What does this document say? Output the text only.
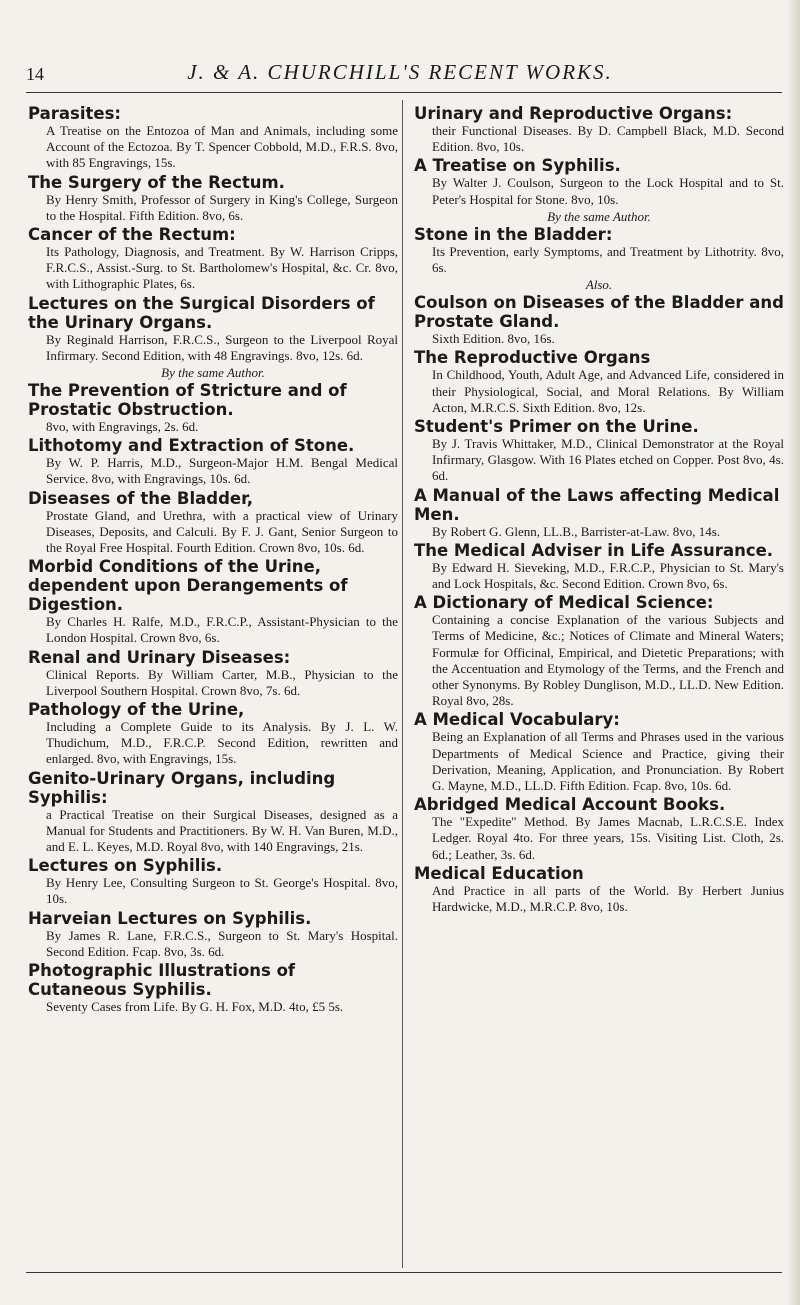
14	J. & A. CHURCHILL'S RECENT WORKS.
Parasites:
A Treatise on the Entozoa of Man and Animals, including some Account of the Ectozoa. By T. Spencer Cobbold, M.D., F.R.S. 8vo, with 85 Engravings, 15s.
The Surgery of the Rectum.
By Henry Smith, Professor of Surgery in King's College, Surgeon to the Hospital. Fifth Edition. 8vo, 6s.
Cancer of the Rectum:
Its Pathology, Diagnosis, and Treatment. By W. Harrison Cripps, F.R.C.S., Assist.-Surg. to St. Bartholomew's Hospital, &c. Cr. 8vo, with Lithographic Plates, 6s.
Lectures on the Surgical Disorders of the Urinary Organs.
By Reginald Harrison, F.R.C.S., Surgeon to the Liverpool Royal Infirmary. Second Edition, with 48 Engravings. 8vo, 12s. 6d.
By the same Author.
The Prevention of Stricture and of Prostatic Obstruction.
8vo, with Engravings, 2s. 6d.
Lithotomy and Extraction of Stone.
By W. P. Harris, M.D., Surgeon-Major H.M. Bengal Medical Service. 8vo, with Engravings, 10s. 6d.
Diseases of the Bladder,
Prostate Gland, and Urethra, with a practical view of Urinary Diseases, Deposits, and Calculi. By F. J. Gant, Senior Surgeon to the Royal Free Hospital. Fourth Edition. Crown 8vo, 10s. 6d.
Morbid Conditions of the Urine, dependent upon Derangements of Digestion.
By Charles H. Ralfe, M.D., F.R.C.P., Assistant-Physician to the London Hospital. Crown 8vo, 6s.
Renal and Urinary Diseases:
Clinical Reports. By William Carter, M.B., Physician to the Liverpool Southern Hospital. Crown 8vo, 7s. 6d.
Pathology of the Urine,
Including a Complete Guide to its Analysis. By J. L. W. Thudichum, M.D., F.R.C.P. Second Edition, rewritten and enlarged. 8vo, with Engravings, 15s.
Genito-Urinary Organs, including Syphilis:
a Practical Treatise on their Surgical Diseases, designed as a Manual for Students and Practitioners. By W. H. Van Buren, M.D., and E. L. Keyes, M.D. Royal 8vo, with 140 Engravings, 21s.
Lectures on Syphilis.
By Henry Lee, Consulting Surgeon to St. George's Hospital. 8vo, 10s.
Harveian Lectures on Syphilis.
By James R. Lane, F.R.C.S., Surgeon to St. Mary's Hospital. Second Edition. Fcap. 8vo, 3s. 6d.
Photographic Illustrations of Cutaneous Syphilis.
Seventy Cases from Life. By G. H. Fox, M.D. 4to, £5 5s.
Urinary and Reproductive Organs:
their Functional Diseases. By D. Campbell Black, M.D. Second Edition. 8vo, 10s.
A Treatise on Syphilis.
By Walter J. Coulson, Surgeon to the Lock Hospital and to St. Peter's Hospital for Stone. 8vo, 10s.
By the same Author.
Stone in the Bladder:
Its Prevention, early Symptoms, and Treatment by Lithotrity. 8vo, 6s.
Also.
Coulson on Diseases of the Bladder and Prostate Gland.
Sixth Edition. 8vo, 16s.
The Reproductive Organs
In Childhood, Youth, Adult Age, and Advanced Life, considered in their Physiological, Social, and Moral Relations. By William Acton, M.R.C.S. Sixth Edition. 8vo, 12s.
Student's Primer on the Urine.
By J. Travis Whittaker, M.D., Clinical Demonstrator at the Royal Infirmary, Glasgow. With 16 Plates etched on Copper. Post 8vo, 4s. 6d.
A Manual of the Laws affecting Medical Men.
By Robert G. Glenn, LL.B., Barrister-at-Law. 8vo, 14s.
The Medical Adviser in Life Assurance.
By Edward H. Sieveking, M.D., F.R.C.P., Physician to St. Mary's and Lock Hospitals, &c. Second Edition. Crown 8vo, 6s.
A Dictionary of Medical Science:
Containing a concise Explanation of the various Subjects and Terms of Medicine, &c.; Notices of Climate and Mineral Waters; Formulæ for Officinal, Empirical, and Dietetic Preparations; with the Accentuation and Etymology of the Terms, and the French and other Synonyms. By Robley Dunglison, M.D., LL.D. New Edition. Royal 8vo, 28s.
A Medical Vocabulary:
Being an Explanation of all Terms and Phrases used in the various Departments of Medical Science and Practice, giving their Derivation, Meaning, Application, and Pronunciation. By Robert G. Mayne, M.D., LL.D. Fifth Edition. Fcap. 8vo, 10s. 6d.
Abridged Medical Account Books.
The "Expedite" Method. By James Macnab, L.R.C.S.E. Index Ledger. Royal 4to. For three years, 15s. Visiting List. Cloth, 2s. 6d.; Leather, 3s. 6d.
Medical Education
And Practice in all parts of the World. By Herbert Junius Hardwicke, M.D., M.R.C.P. 8vo, 10s.
